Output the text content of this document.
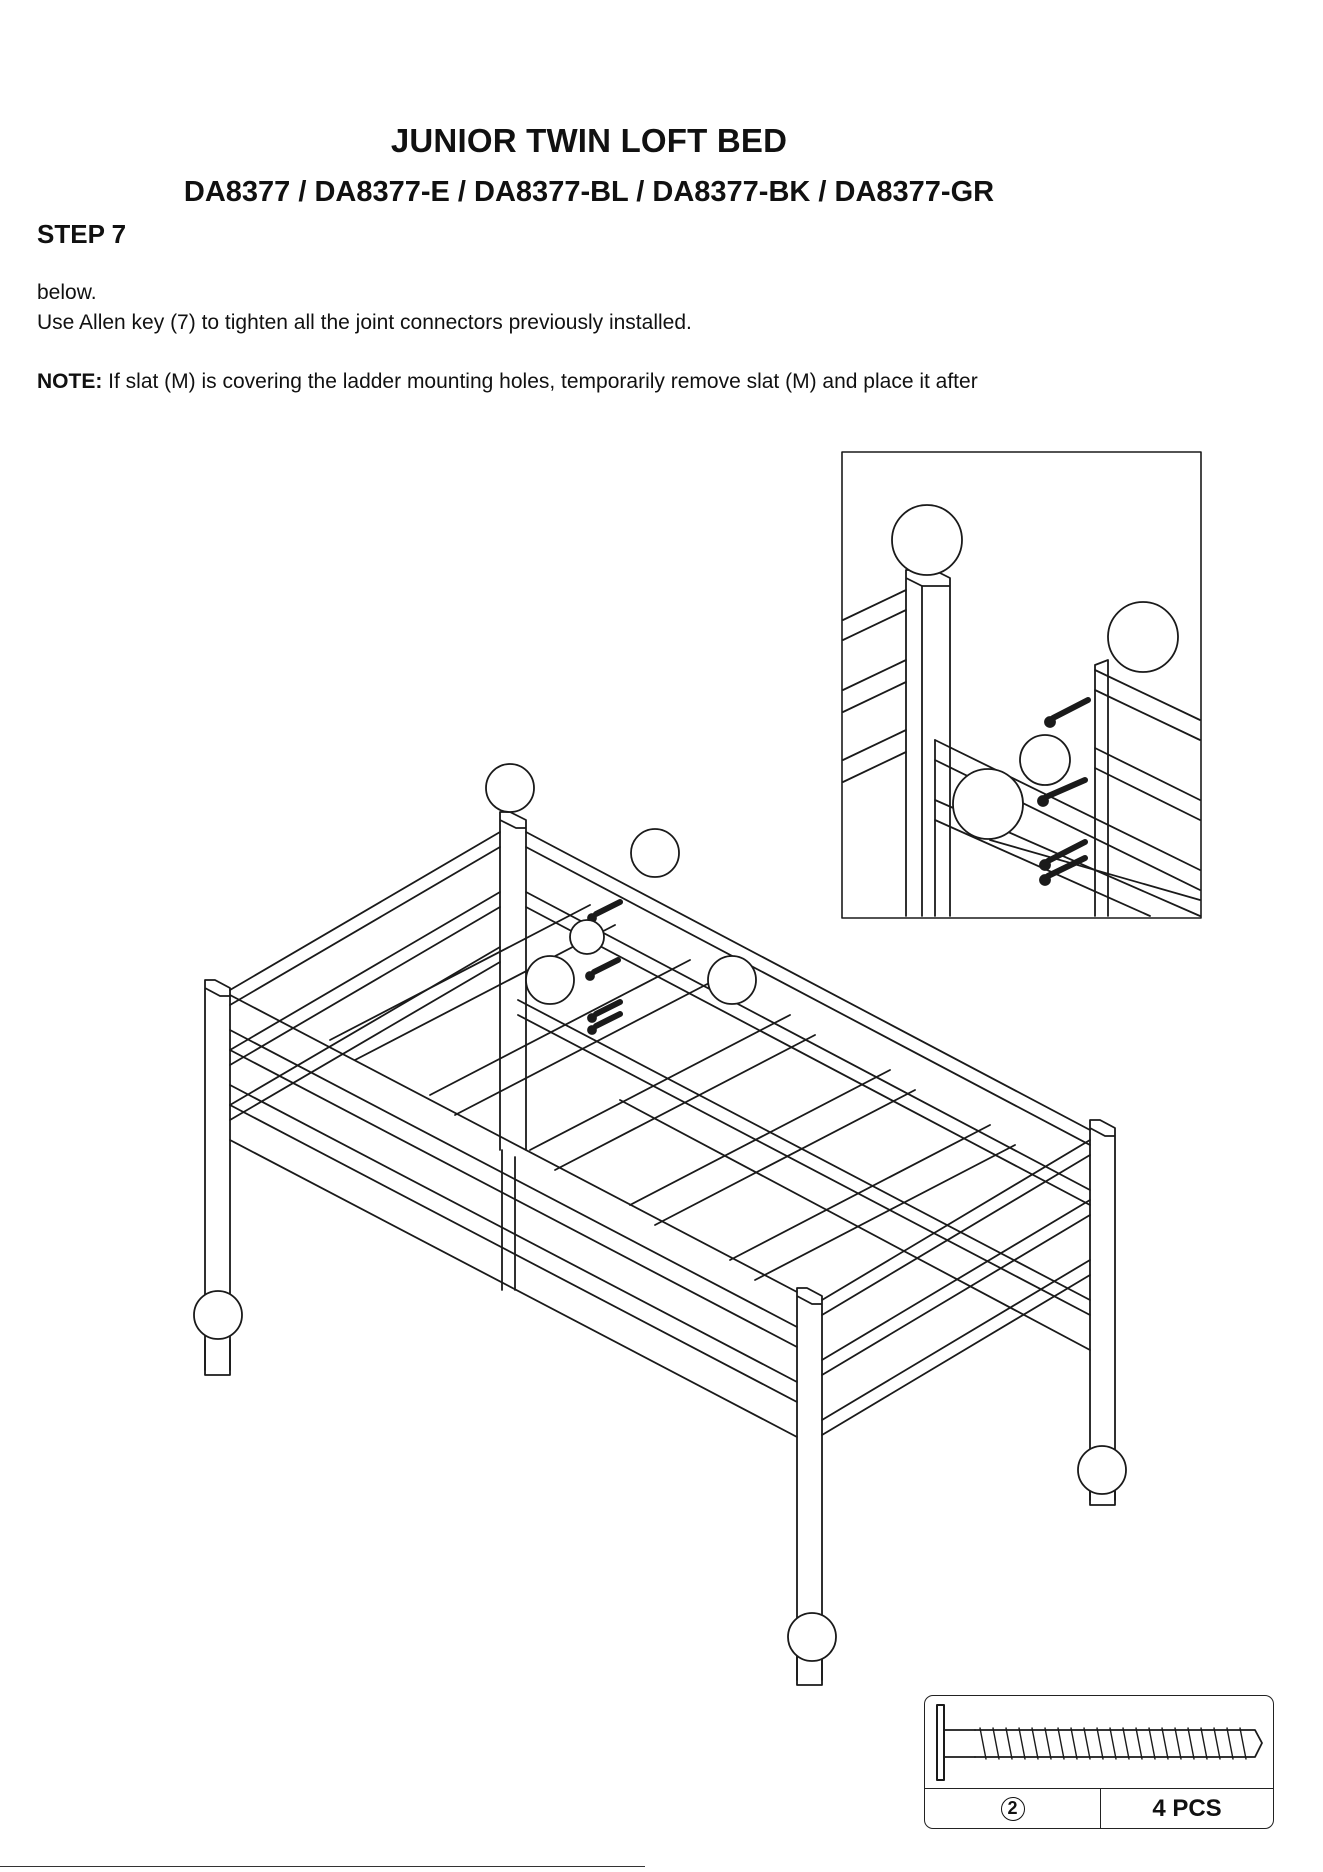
JUNIOR TWIN LOFT BED
DA8377 / DA8377-E / DA8377-BL / DA8377-BK / DA8377-GR
STEP 7
below.
Use Allen key (7) to tighten all the joint connectors previously installed.
NOTE: If slat (M) is covering the ladder mounting holes, temporarily remove slat (M) and place it after
2	4 PCS
